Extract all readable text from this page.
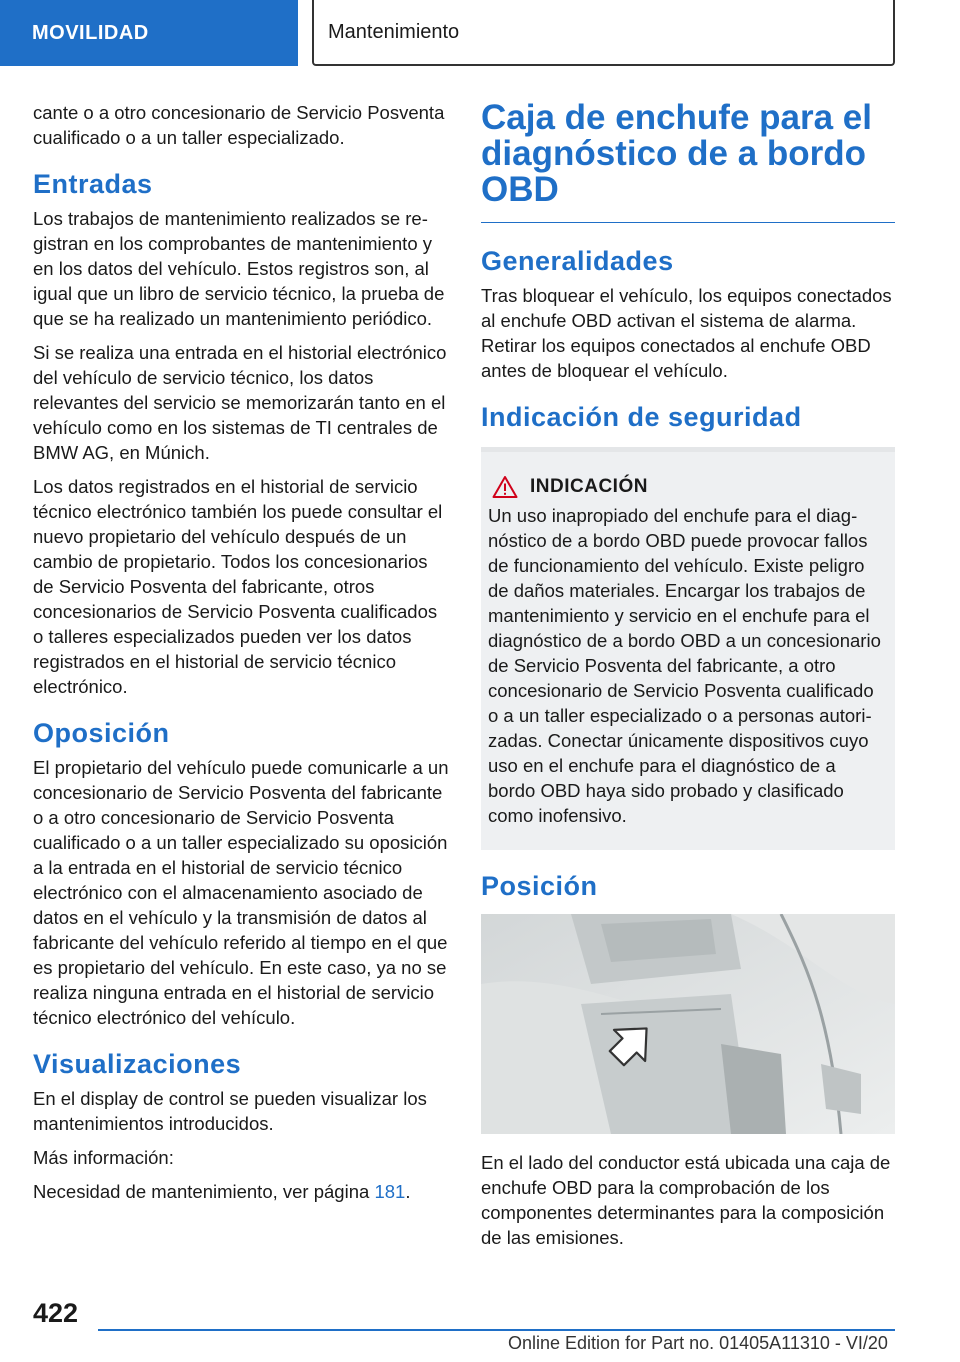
MOVILIDAD	Mantenimiento

cante o a otro concesionario de Servicio Posventa cualificado o a un taller especializado.

Entradas

Los trabajos de mantenimiento realizados se registran en los comprobantes de mantenimiento y en los datos del vehículo. Estos registros son, al igual que un libro de servicio técnico, la prueba de que se ha realizado un mantenimiento periódico.

Si se realiza una entrada en el historial electrónico del vehículo de servicio técnico, los datos relevantes del servicio se memorizarán tanto en el vehículo como en los sistemas de TI centrales de BMW AG, en Múnich.

Los datos registrados en el historial de servicio técnico electrónico también los puede consultar el nuevo propietario del vehículo después de un cambio de propietario. Todos los concesionarios de Servicio Posventa del fabricante, otros concesionarios de Servicio Posventa cualificados o talleres especializados pueden ver los datos registrados en el historial de servicio técnico electrónico.

Oposición

El propietario del vehículo puede comunicarle a un concesionario de Servicio Posventa del fabricante o a otro concesionario de Servicio Posventa cualificado o a un taller especializado su oposición a la entrada en el historial de servicio técnico electrónico con el almacenamiento asociado de datos en el vehículo y la transmisión de datos al fabricante del vehículo referido al tiempo en el que es propietario del vehículo. En este caso, ya no se realiza ninguna entrada en el historial de servicio técnico electrónico del vehículo.

Visualizaciones

En el display de control se pueden visualizar los mantenimientos introducidos.

Más información:

Necesidad de mantenimiento, ver página 181.

Caja de enchufe para el diagnóstico de a bordo OBD
Generalidades

Tras bloquear el vehículo, los equipos conectados al enchufe OBD activan el sistema de alarma. Retirar los equipos conectados al enchufe OBD antes de bloquear el vehículo.

Indicación de seguridad
INDICACIÓN
Un uso inapropiado del enchufe para el diagnóstico de a bordo OBD puede provocar fallos de funcionamiento del vehículo. Existe peligro de daños materiales. Encargar los trabajos de mantenimiento y servicio en el enchufe para el diagnóstico de a bordo OBD a un concesionario de Servicio Posventa del fabricante, a otro concesionario de Servicio Posventa cualificado o a un taller especializado o a personas autorizadas. Conectar únicamente dispositivos cuyo uso en el enchufe para el diagnóstico de a bordo OBD haya sido probado y clasificado como inofensivo.
Posición

En el lado del conductor está ubicada una caja de enchufe OBD para la comprobación de los componentes determinantes para la composición de las emisiones.

422
Online Edition for Part no. 01405A11310 - VI/20
